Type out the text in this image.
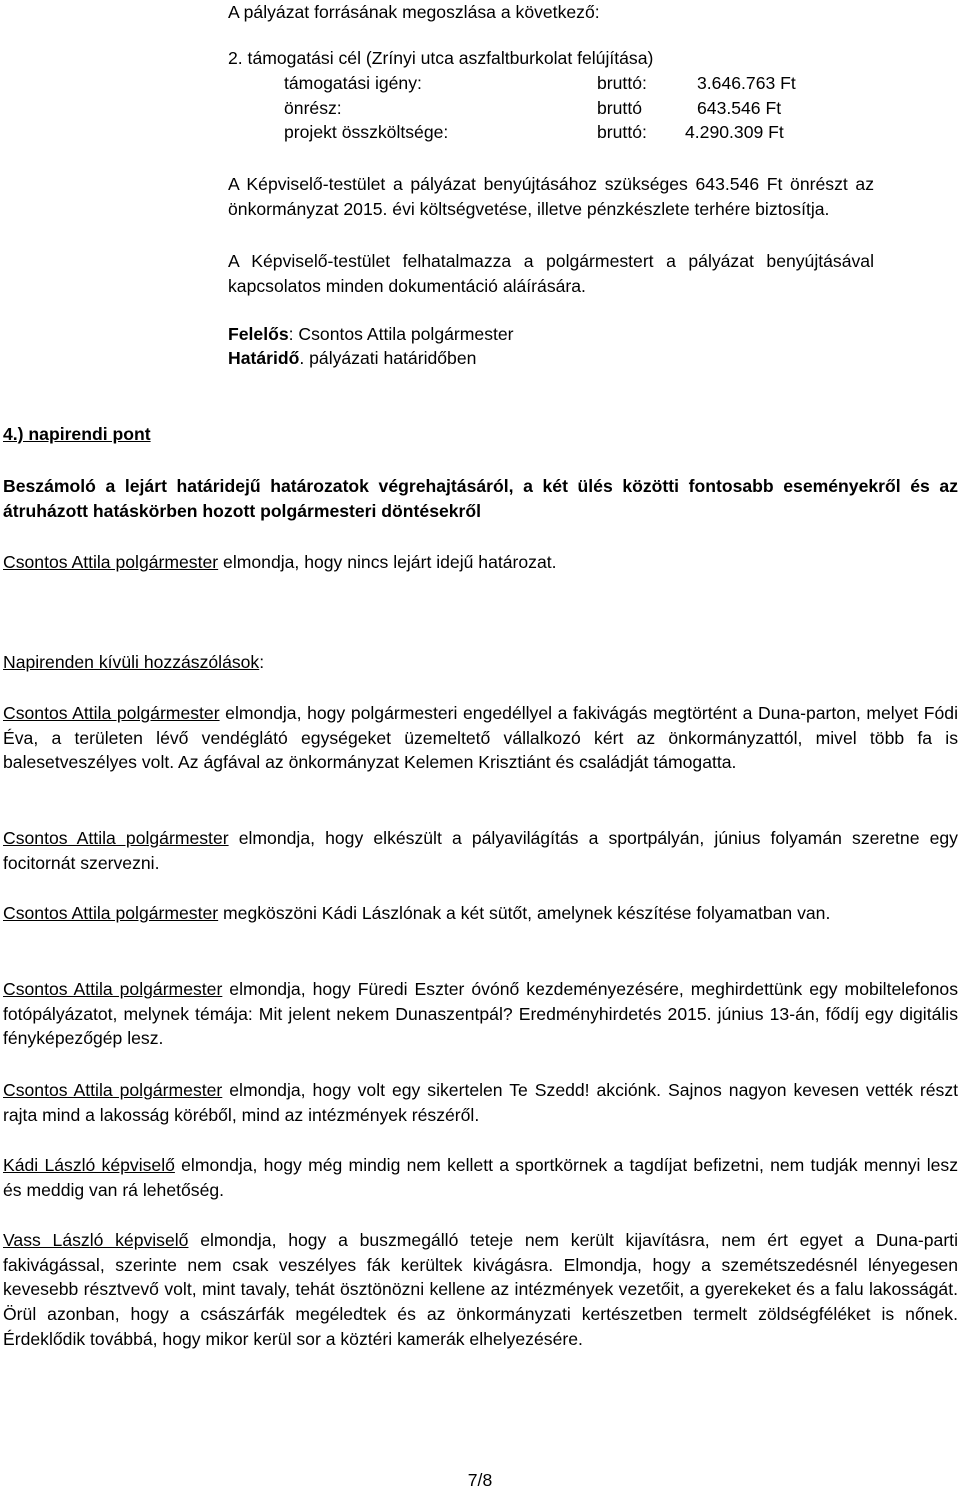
A pályázat forrásának megoszlása a következő:

2. támogatási cél (Zrínyi utca aszfaltburkolat felújítása)

támogatási igény:	bruttó:	3.646.763 Ft
önrész:	bruttó	643.546 Ft
projekt összköltsége:	bruttó: 4.290.309 Ft

A Képviselő-testület a pályázat benyújtásához szükséges 643.546 Ft önrészt az önkormányzat 2015. évi költségvetése, illetve pénzkészlete terhére biztosítja.

A Képviselő-testület felhatalmazza a polgármestert a pályázat benyújtásával kapcsolatos minden dokumentáció aláírására.

Felelős: Csontos Attila polgármester

Határidő. pályázati határidőben

4.) napirendi pont

Beszámoló a lejárt határidejű határozatok végrehajtásáról, a két ülés közötti fontosabb eseményekről és az átruházott hatáskörben hozott polgármesteri döntésekről

Csontos Attila polgármester elmondja, hogy nincs lejárt idejű határozat.

Napirenden kívüli hozzászólások:

Csontos Attila polgármester elmondja, hogy polgármesteri engedéllyel a fakivágás megtörtént a Duna-parton, melyet Fódi Éva, a területen lévő vendéglátó egységeket üzemeltető vállalkozó kért az önkormányzattól, mivel több fa is balesetveszélyes volt. Az ágfával az önkormányzat Kelemen Krisztiánt és családját támogatta.

Csontos Attila polgármester elmondja, hogy elkészült a pályavilágítás a sportpályán, június folyamán szeretne egy focitornát szervezni.

Csontos Attila polgármester megköszöni Kádi Lászlónak a két sütőt, amelynek készítése folyamatban van.

Csontos Attila polgármester elmondja, hogy Füredi Eszter óvónő kezdeményezésére, meghirdettünk egy mobiltelefonos fotópályázatot, melynek témája: Mit jelent nekem Dunaszentpál? Eredményhirdetés 2015. június 13-án, fődíj egy digitális fényképezőgép lesz.

Csontos Attila polgármester elmondja, hogy volt egy sikertelen Te Szedd! akciónk. Sajnos nagyon kevesen vették részt rajta mind a lakosság köréből, mind az intézmények részéről.

Kádi László képviselő elmondja, hogy még mindig nem kellett a sportkörnek a tagdíjat befizetni, nem tudják mennyi lesz és meddig van rá lehetőség.

Vass László képviselő elmondja, hogy a buszmegálló teteje nem került kijavításra, nem ért egyet a Duna-parti fakivágással, szerinte nem csak veszélyes fák kerültek kivágásra. Elmondja, hogy a szemétszedésnél lényegesen kevesebb résztvevő volt, mint tavaly, tehát ösztönözni kellene az intézmények vezetőit, a gyerekeket és a falu lakosságát. Örül azonban, hogy a császárfák megéledtek és az önkormányzati kertészetben termelt zöldségféléket is nőnek. Érdeklődik továbbá, hogy mikor kerül sor a köztéri kamerák elhelyezésére.

7/8
